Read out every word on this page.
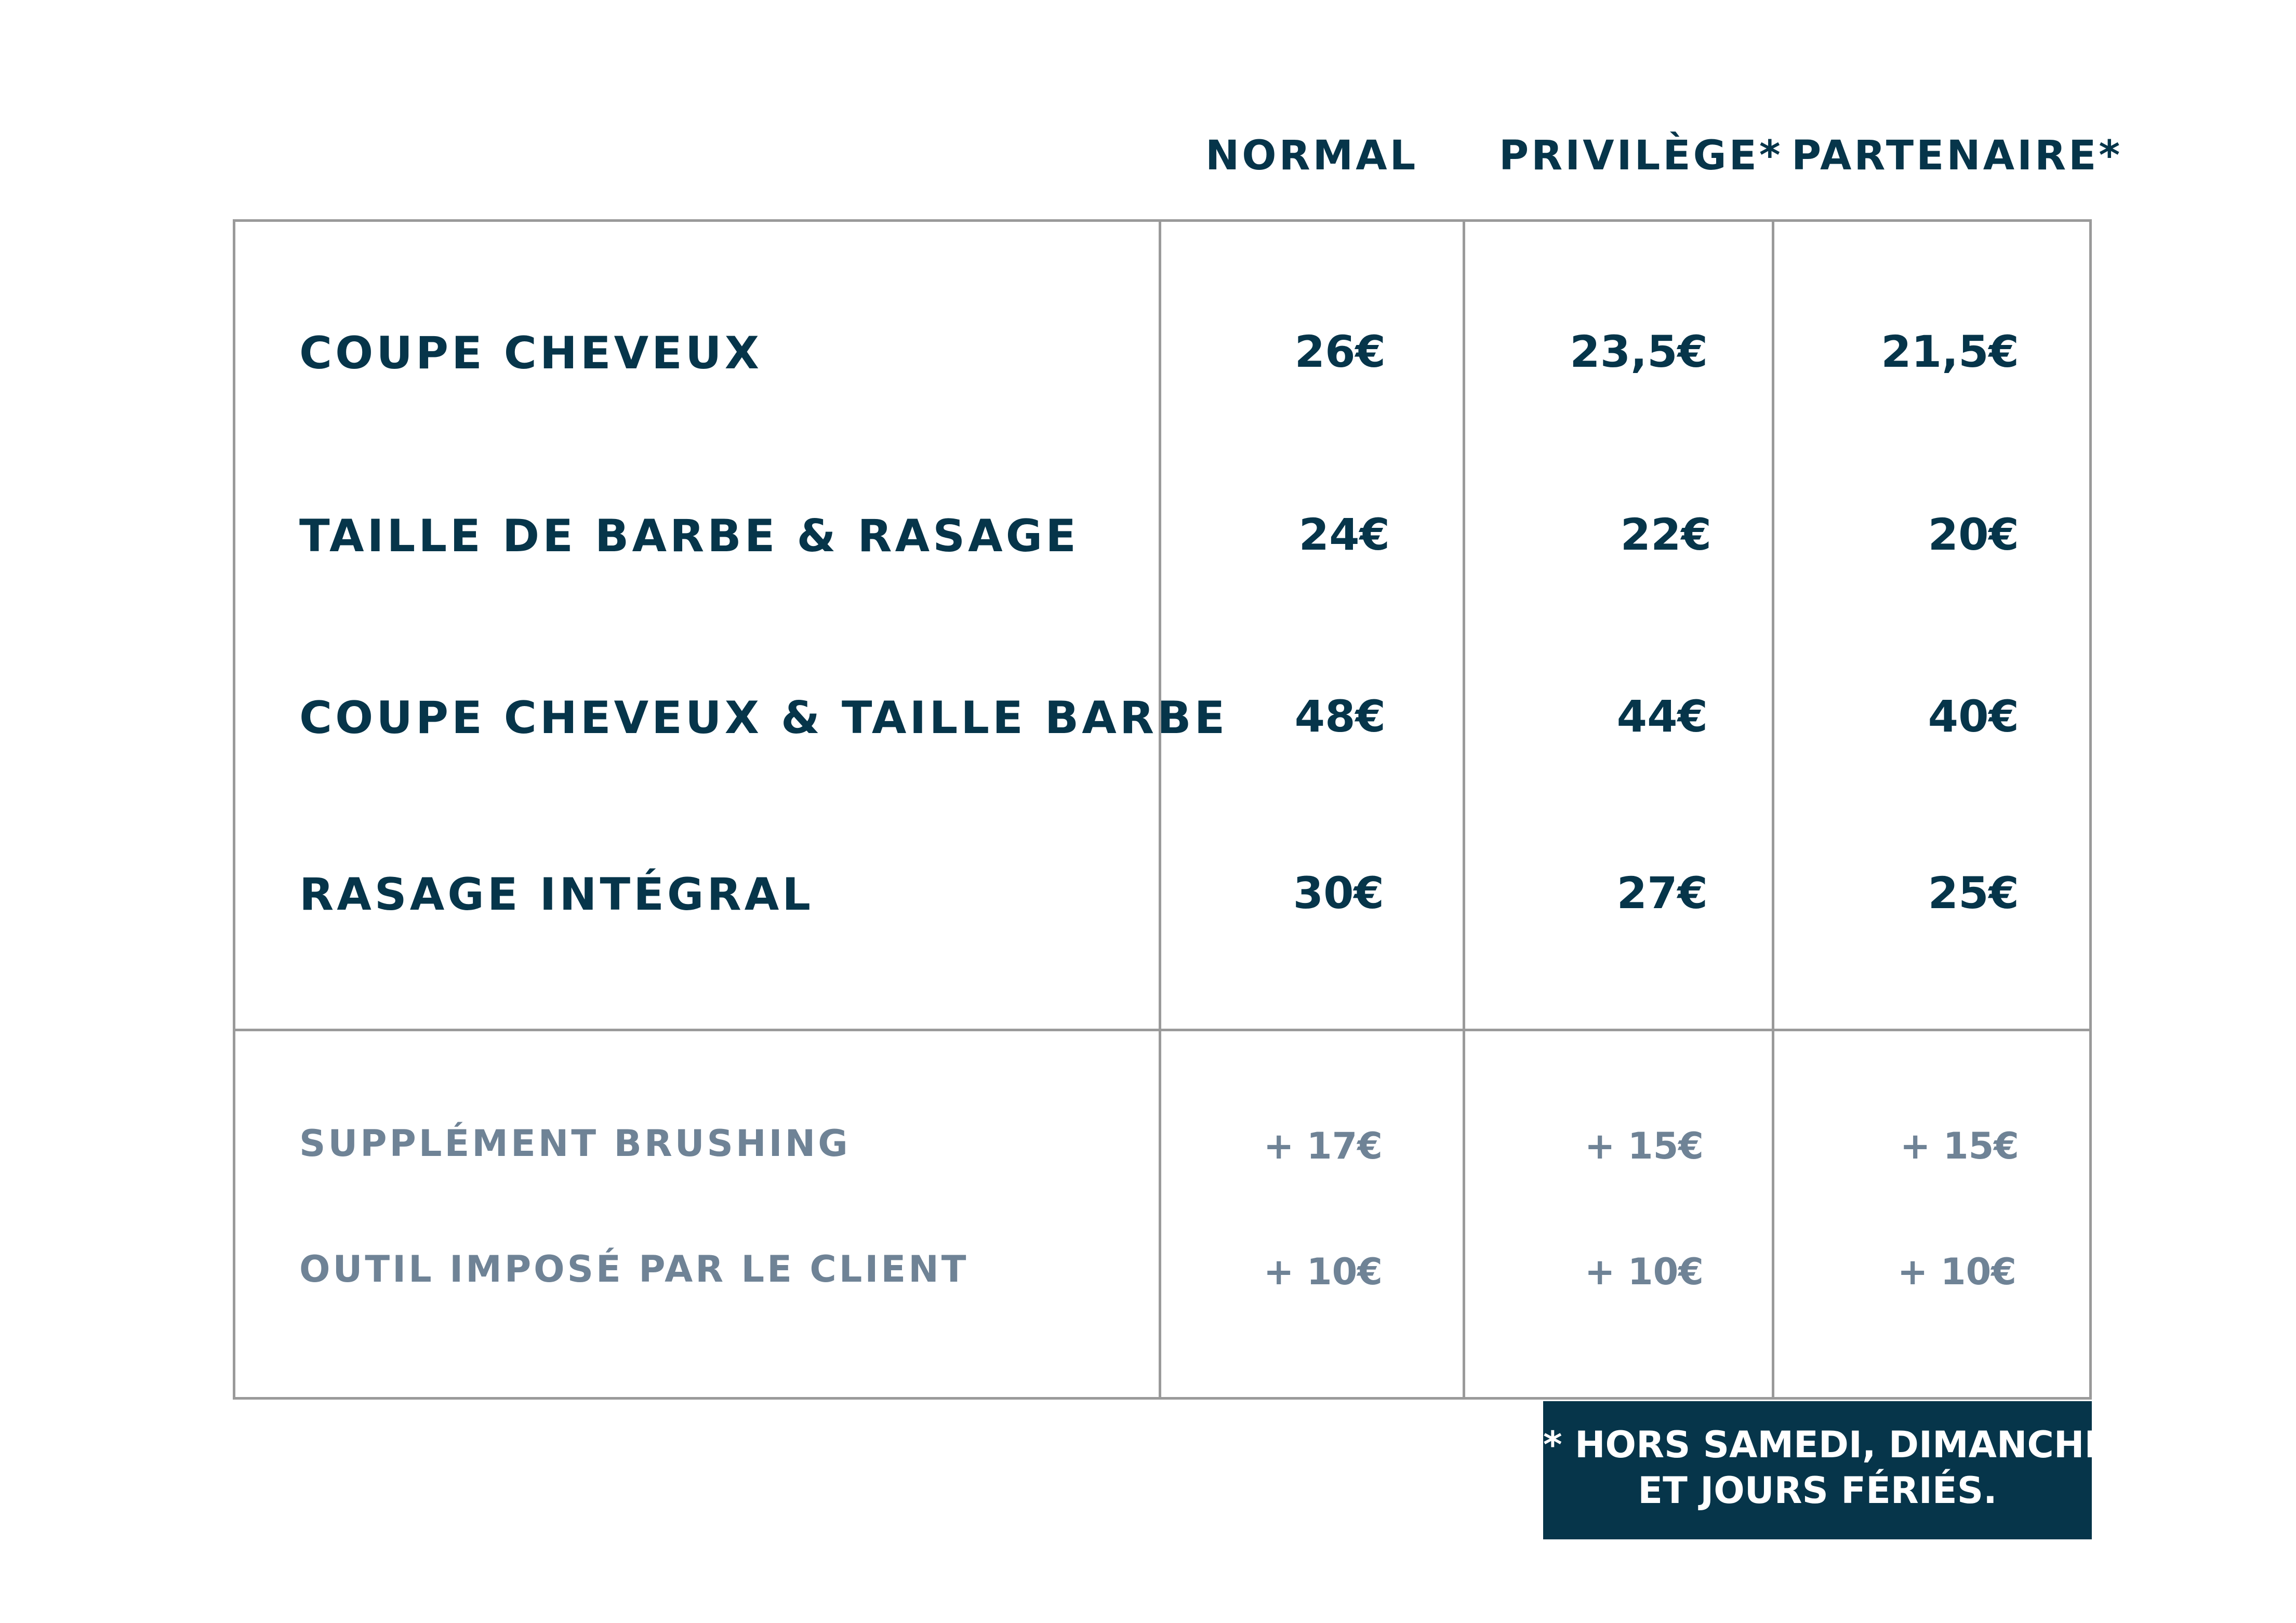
NORMAL PRIVILÈGE* PARTENAIRE*
COUPE CHEVEUX	26€	23,5€	21,5€
TAILLE DE BARBE & RASAGE	24€	22€	20€
COUPE CHEVEUX & TAILLE BARBE 48€	44€	40€
RASAGE INTÉGRAL	30€	27€	25€
SUPPLÉMENT BRUSHING	+ 17€	+ 15€	+ 15€
OUTIL IMPOSÉ PAR LE CLIENT	+ 10€	+ 10€	+ 10€
* HORS SAMEDI, DIMANCHE
ET JOURS FÉRIÉS.
